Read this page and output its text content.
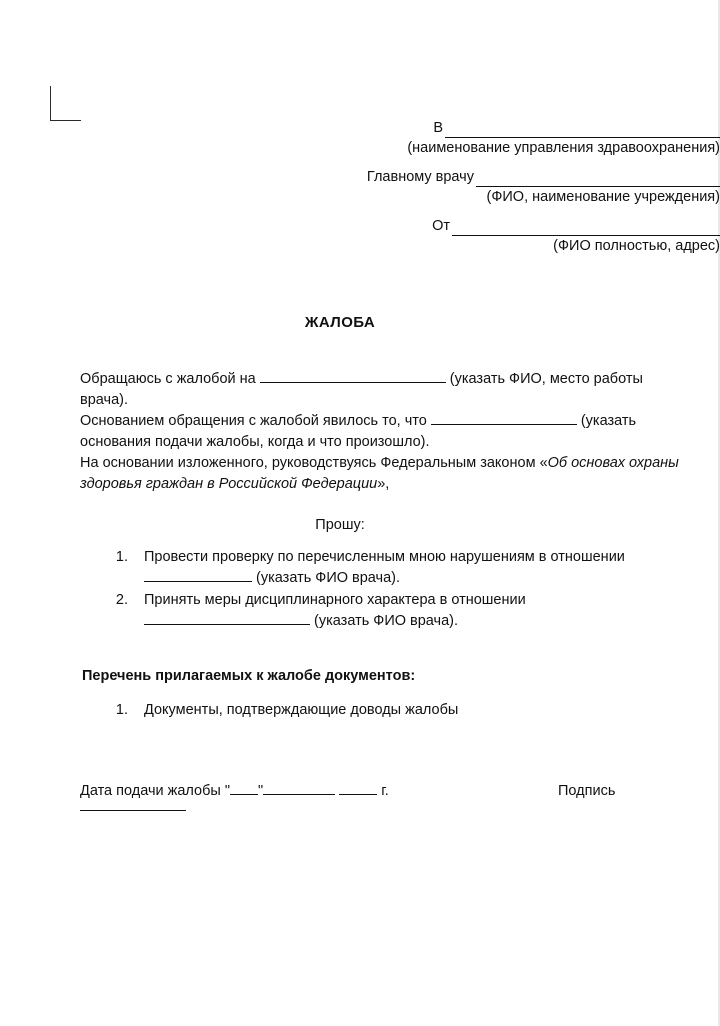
В
(наименование управления здравоохранения)
Главному врачу
(ФИО, наименование учреждения)
От
(ФИО полностью, адрес)
ЖАЛОБА

Обращаюсь с жалобой на	(указать ФИО, место работы врача).

Основанием обращения с жалобой явилось то, что	(указать основания подачи жалобы, когда и что произошло).

На основании изложенного, руководствуясь Федеральным законом «Об основах охраны здоровья граждан в Российской Федерации»,

Прошу:
1. Провести проверку по перечисленным мною нарушениям в отношении
(указать ФИО врача).
2. Принять меры дисциплинарного характера в отношении
(указать ФИО врача).
Перечень прилагаемых к жалобе документов:
1. Документы, подтверждающие доводы жалобы
Дата подачи жалобы " "	г.	Подпись
